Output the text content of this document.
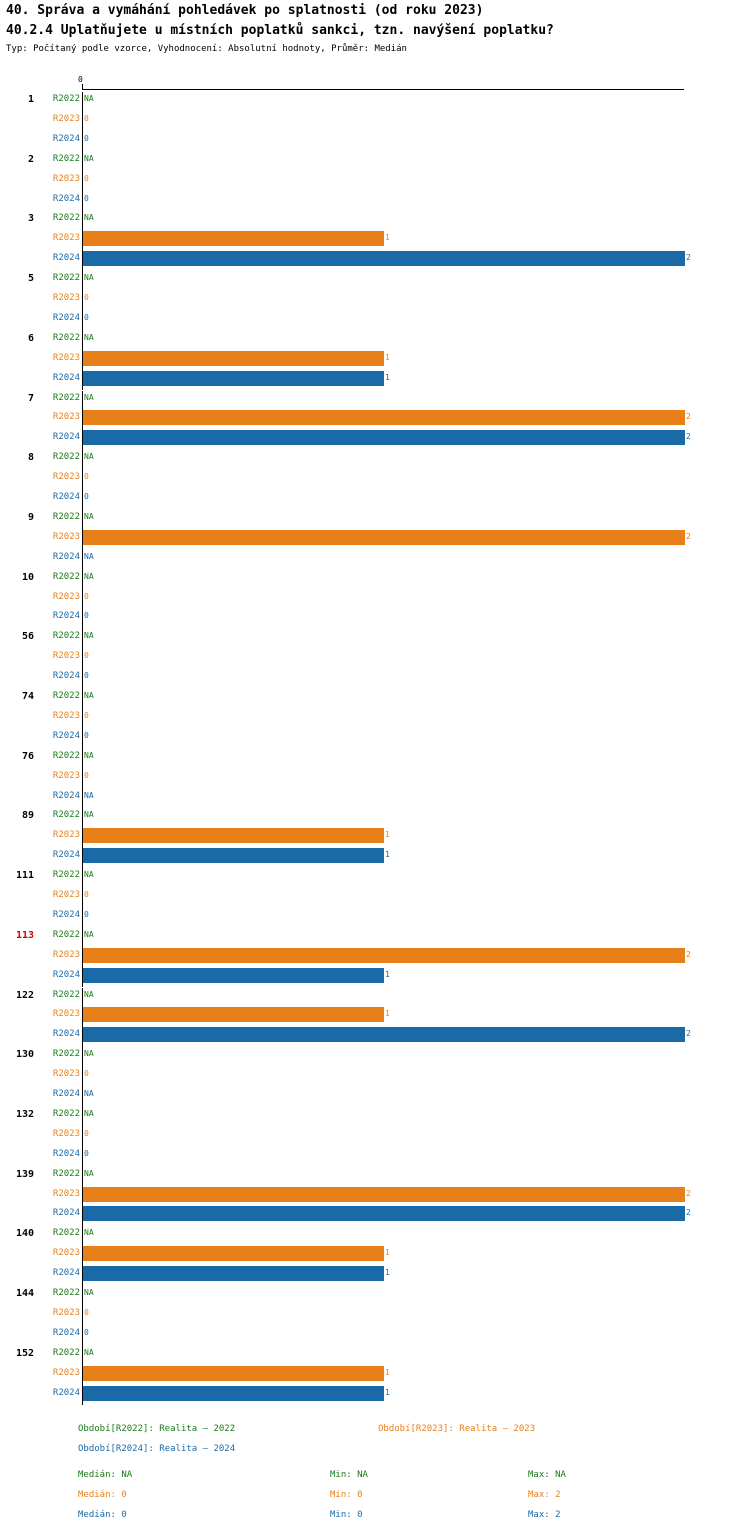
40. Správa a vymáhání pohledávek po splatnosti (od roku 2023)
40.2.4 Uplatňujete u místních poplatků sankci, tzn. navýšení poplatku?
Typ: Počítaný podle vzorce, Vyhodnocení: Absolutní hodnoty, Průměr: Medián
0
1	R2022 NA
R2023 0
R2024 0
2	R2022 NA
R2023 0
R2024 0
3	R2022 NA
R2023	1
R2024	2
5	R2022 NA
R2023 0
R2024 0
6	R2022 NA
R2023	1
R2024	1
7	R2022 NA
R2023	2
R2024	2
8	R2022 NA
R2023 0
R2024 0
9	R2022 NA
R2023	2
R2024 NA
10	R2022 NA
R2023 0
R2024 0
56	R2022 NA
R2023 0
R2024 0
74	R2022 NA
R2023 0
R2024 0
76	R2022 NA
R2023 0
R2024 NA
89	R2022 NA
R2023	1
R2024	1
111	R2022 NA
R2023 0
R2024 0
113	R2022 NA
R2023	2
R2024	1
122	R2022 NA
R2023	1
R2024	2
130	R2022 NA
R2023 0
R2024 NA
132	R2022 NA
R2023 0
R2024 0
139	R2022 NA
R2023	2
R2024	2
140	R2022 NA
R2023	1
R2024	1
144	R2022 NA
R2023 0
R2024 0
152	R2022 NA
R2023	1
R2024	1
Období[R2022]: Realita – 2022	Období[R2023]: Realita – 2023
Období[R2024]: Realita – 2024
Medián: NA	Min: NA	Max: NA
Medián: 0	Min: 0	Max: 2
Medián: 0	Min: 0	Max: 2
